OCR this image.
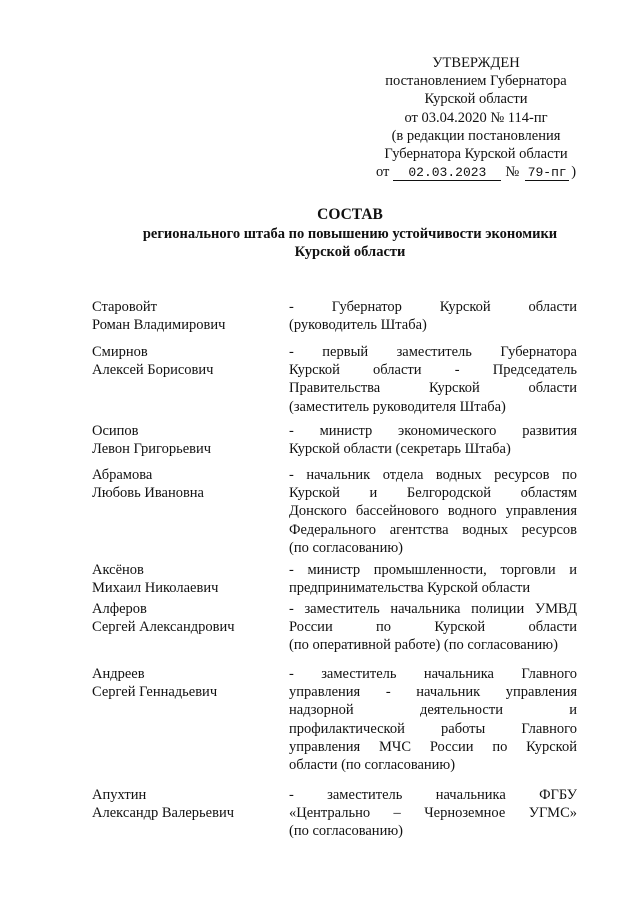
УТВЕРЖДЕН
постановлением Губернатора
Курской области
от 03.04.2020 № 114-пг
(в редакции постановления
Губернатора Курской области
от	02.03.2023	№ 79-пг )
СОСТАВ
регионального штаба по повышению устойчивости экономики
Курской области
Старовойт
Роман Владимирович
- Губернатор Курской области
(руководитель Штаба)
Смирнов
Алексей Борисович
- первый заместитель Губернатора
Курской области - Председатель
Правительства Курской области
(заместитель руководителя Штаба)
Осипов
Левон Григорьевич
- министр экономического развития
Курской области (секретарь Штаба)
Абрамова
Любовь Ивановна
- начальник отдела водных ресурсов по
Курской и Белгородской областям
Донского бассейнового водного управления
Федерального агентства водных ресурсов
(по согласованию)
Аксёнов
Михаил Николаевич
- министр промышленности, торговли и
предпринимательства Курской области
Алферов
Сергей Александрович
- заместитель начальника полиции УМВД
России по Курской области
(по оперативной работе) (по согласованию)
Андреев
Сергей Геннадьевич
- заместитель начальника Главного
управления - начальник управления
надзорной деятельности и
профилактической работы Главного
управления МЧС России по Курской
области (по согласованию)
Апухтин
Александр Валерьевич
- заместитель начальника ФГБУ
«Центрально – Черноземное УГМС»
(по согласованию)
